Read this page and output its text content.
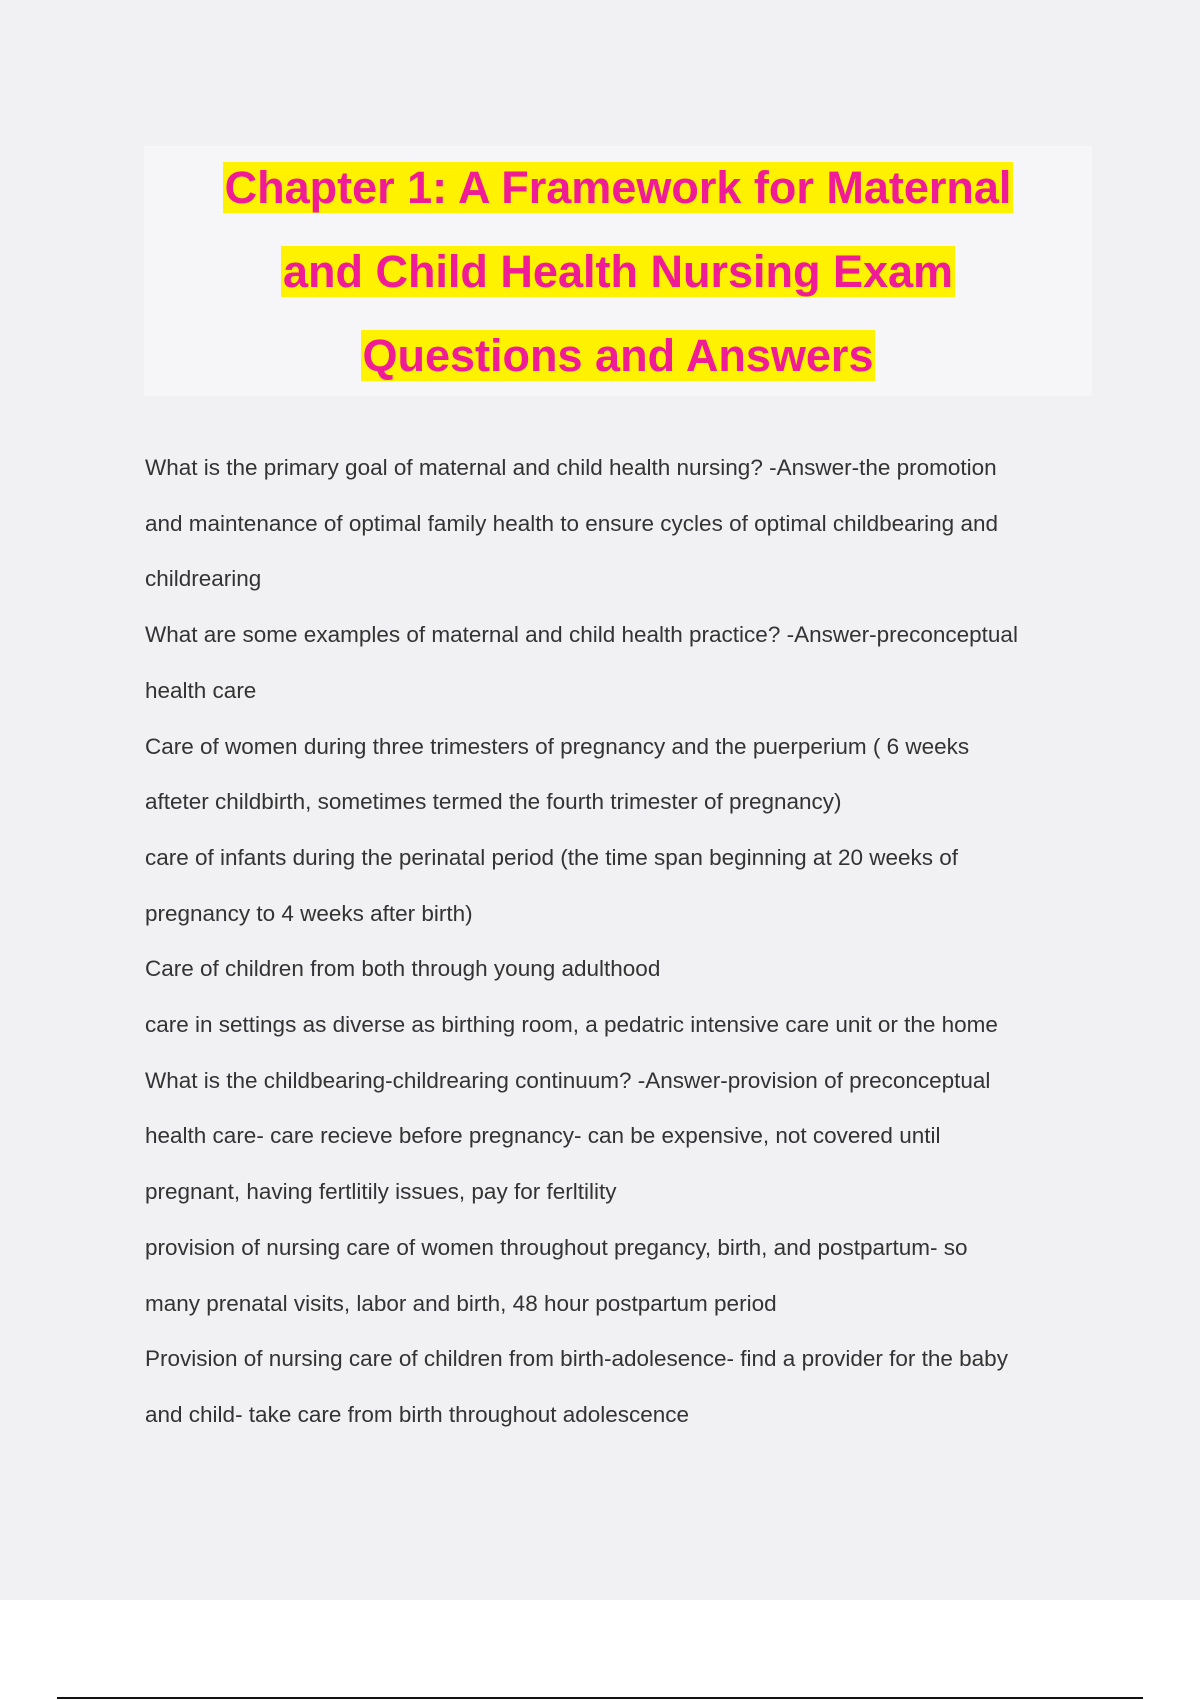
Chapter 1: A Framework for Maternal
and Child Health Nursing Exam
Questions and Answers
What is the primary goal of maternal and child health nursing? -Answer-the promotion
and maintenance of optimal family health to ensure cycles of optimal childbearing and
childrearing
What are some examples of maternal and child health practice? -Answer-preconceptual
health care
Care of women during three trimesters of pregnancy and the puerperium ( 6 weeks
afteter childbirth, sometimes termed the fourth trimester of pregnancy)
care of infants during the perinatal period (the time span beginning at 20 weeks of
pregnancy to 4 weeks after birth)
Care of children from both through young adulthood
care in settings as diverse as birthing room, a pedatric intensive care unit or the home
What is the childbearing-childrearing continuum? -Answer-provision of preconceptual
health care- care recieve before pregnancy- can be expensive, not covered until
pregnant, having fertlitily issues, pay for ferltility
provision of nursing care of women throughout pregancy, birth, and postpartum- so
many prenatal visits, labor and birth, 48 hour postpartum period
Provision of nursing care of children from birth-adolesence- find a provider for the baby
and child- take care from birth throughout adolescence
